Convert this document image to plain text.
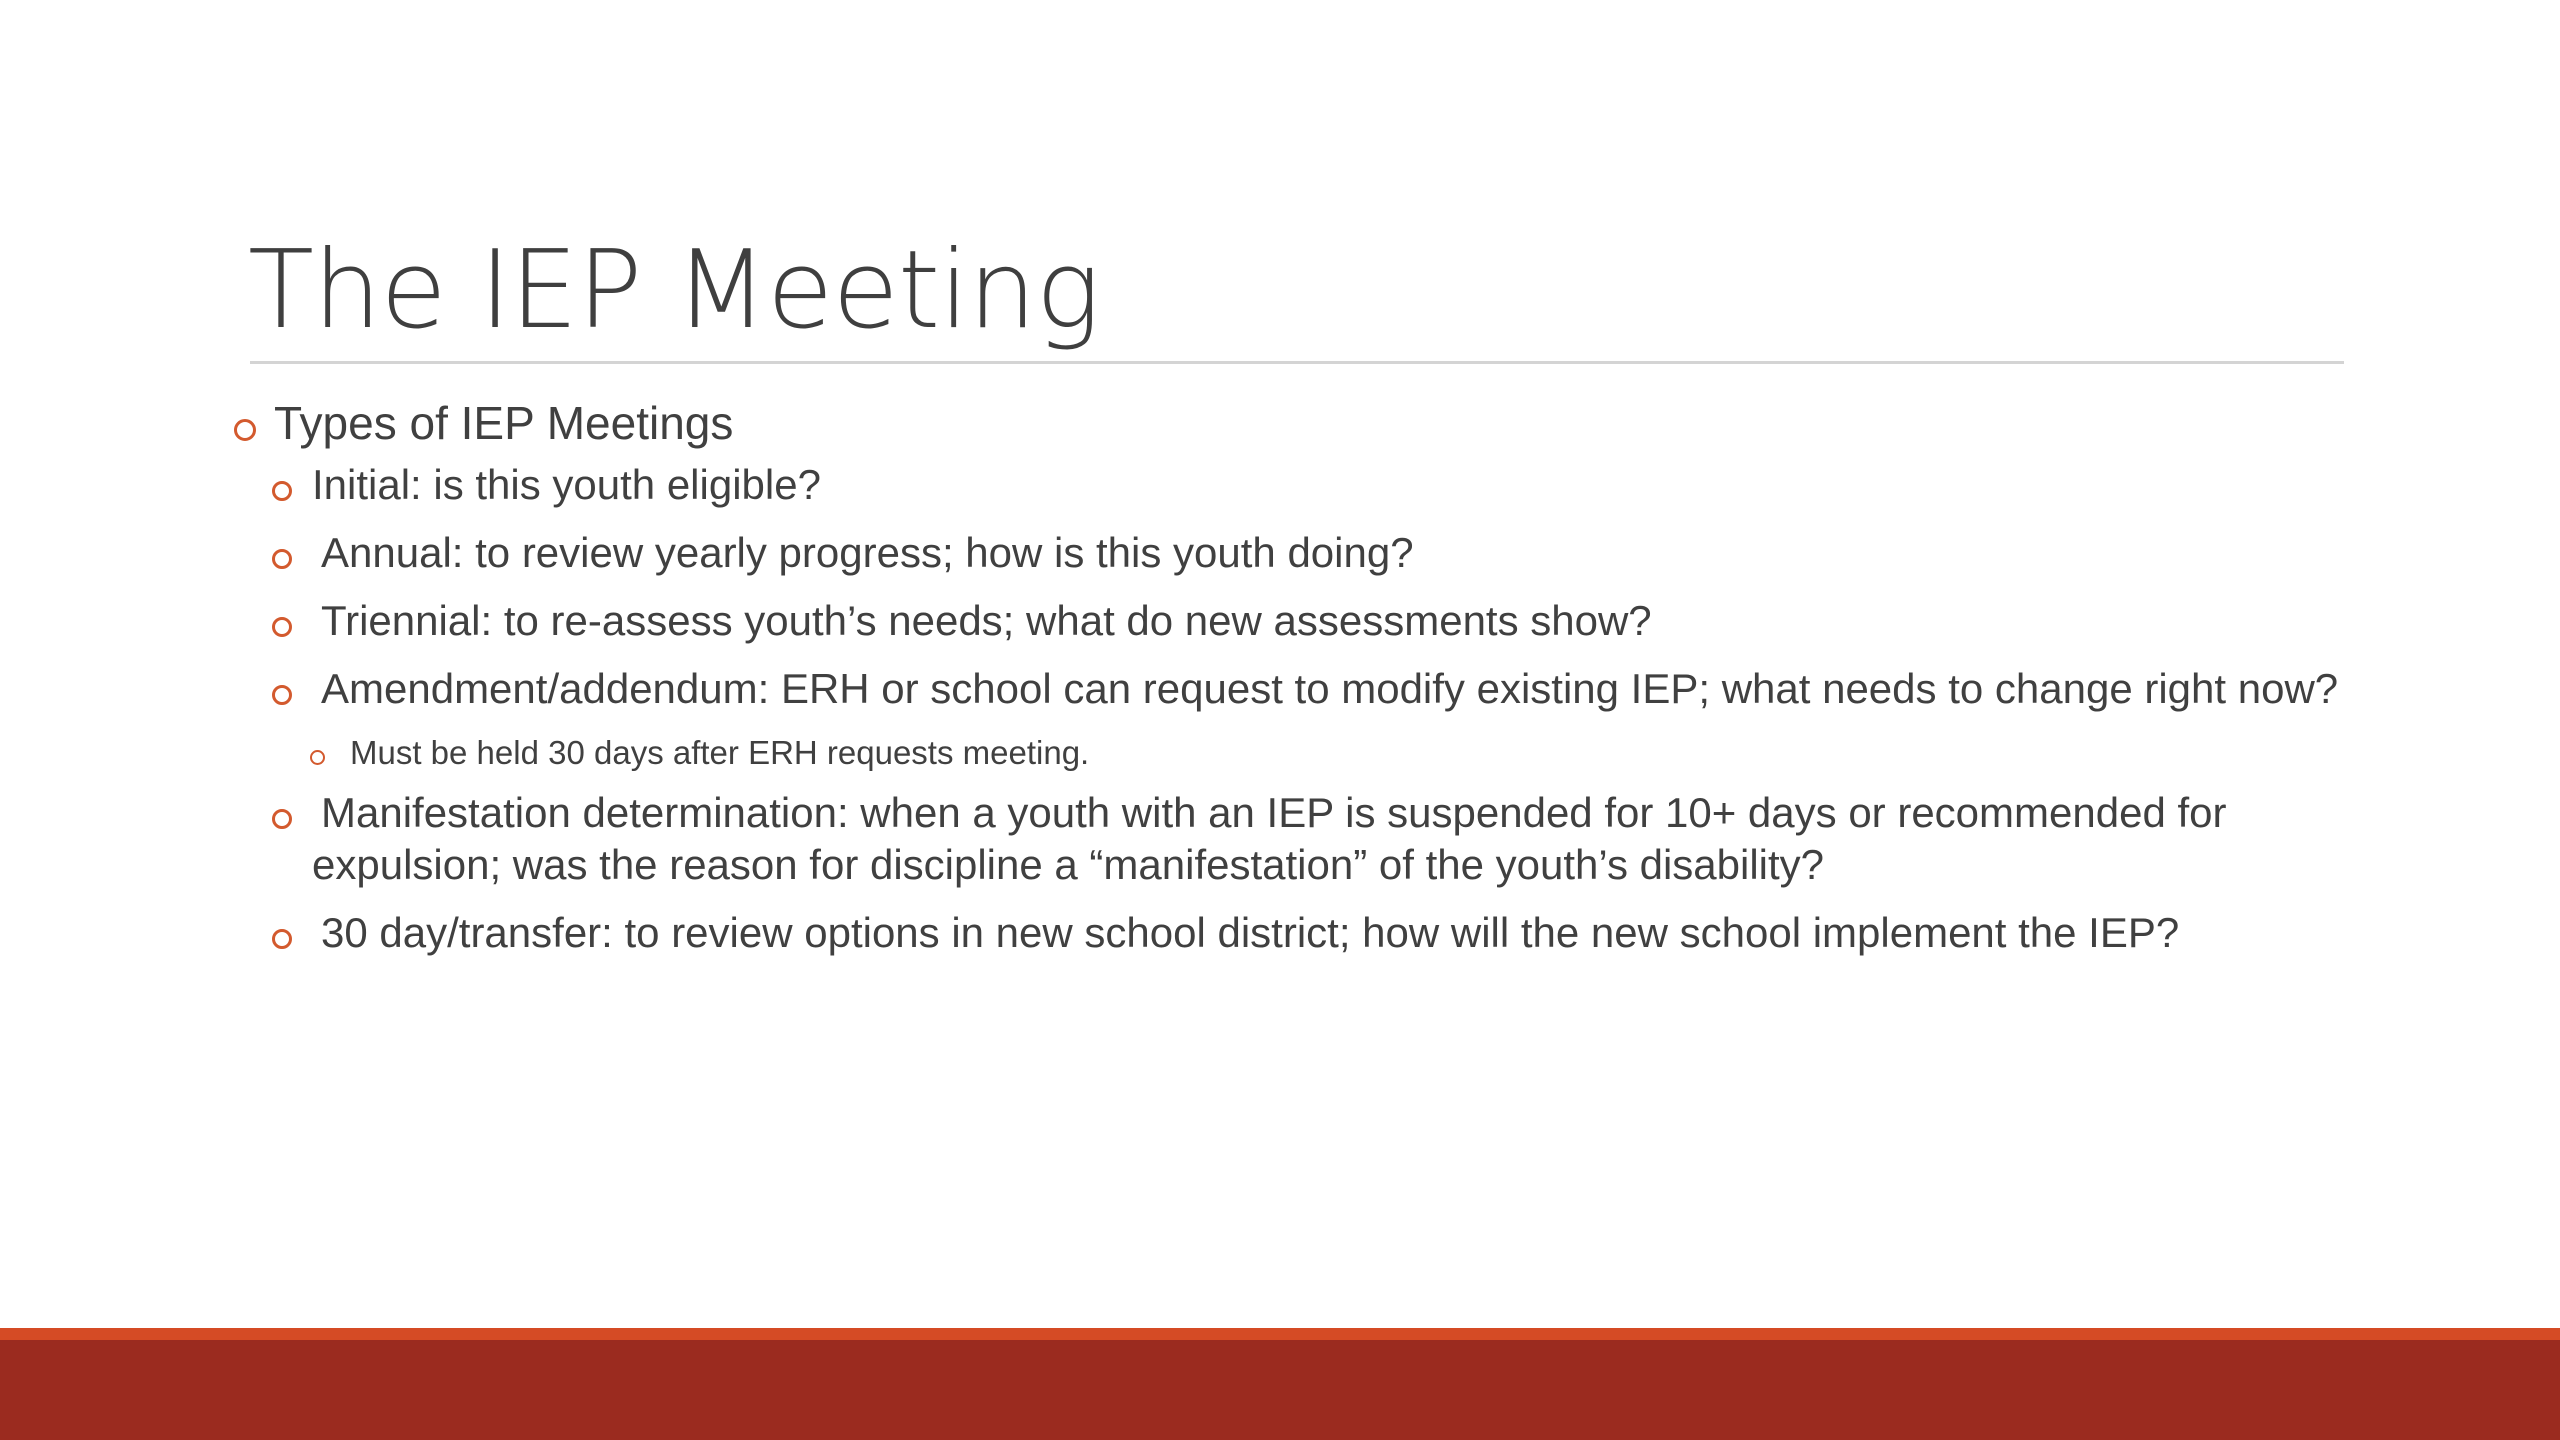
The IEP Meeting
Types of IEP Meetings
Initial: is this youth eligible?
Annual: to review yearly progress; how is this youth doing?
Triennial: to re-assess youth’s needs; what do new assessments show?
Amendment/addendum: ERH or school can request to modify existing IEP; what needs to change right now?
Must be held 30 days after ERH requests meeting.
Manifestation determination: when a youth with an IEP is suspended for 10+ days or recommended for expulsion; was the reason for discipline a “manifestation” of the youth’s disability?
30 day/transfer: to review options in new school district; how will the new school implement the IEP?
